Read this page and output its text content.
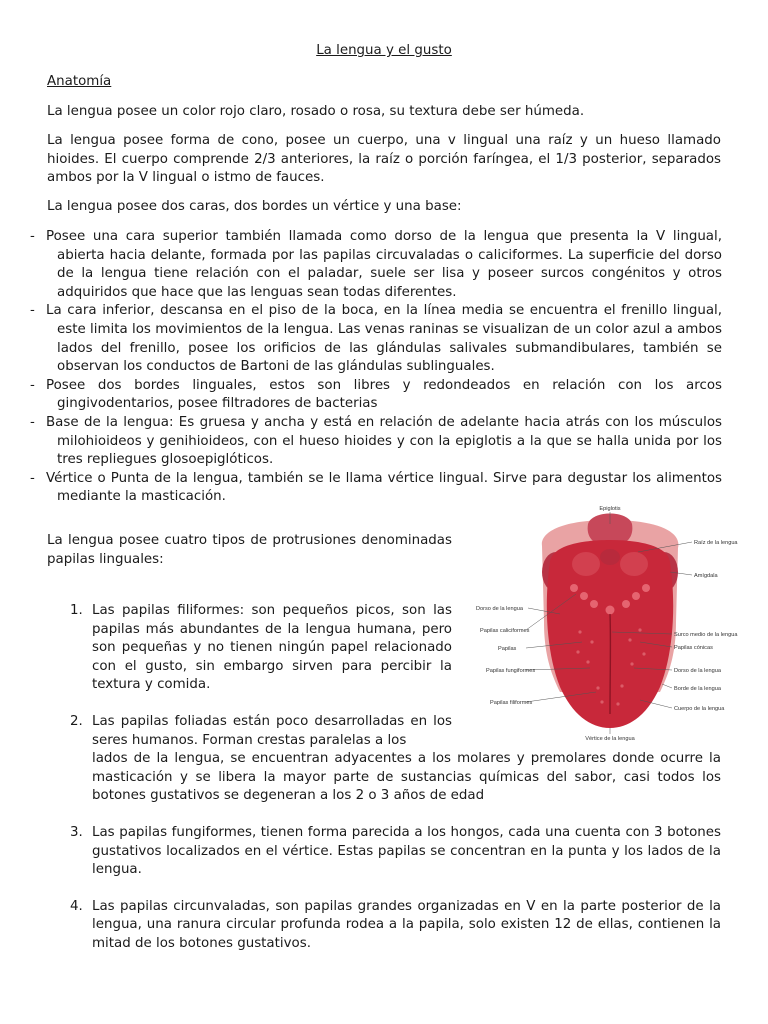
La lengua y el gusto
Anatomía
La lengua posee un color rojo claro, rosado o rosa, su textura debe ser húmeda.
La lengua posee forma de cono, posee un cuerpo, una v lingual una raíz y un hueso llamado hioides. El cuerpo comprende 2/3 anteriores, la raíz o porción faríngea, el 1/3 posterior, separados ambos por la V lingual o istmo de fauces.
La lengua posee dos caras, dos bordes un vértice y una base:
- Posee una cara superior también llamada como dorso de la lengua que presenta la V lingual, abierta hacia delante, formada por las papilas circuvaladas o caliciformes. La superficie del dorso de la lengua tiene relación con el paladar, suele ser lisa y poseer surcos congénitos y otros adquiridos que hace que las lenguas sean todas diferentes.
- La cara inferior, descansa en el piso de la boca, en la línea media se encuentra el frenillo lingual, este limita los movimientos de la lengua. Las venas raninas se visualizan de un color azul a ambos lados del frenillo, posee los orificios de las glándulas salivales submandibulares, también se observan los conductos de Bartoni de las glándulas sublinguales.
- Posee dos bordes linguales, estos son libres y redondeados en relación con los arcos gingivodentarios, posee filtradores de bacterias
- Base de la lengua: Es gruesa y ancha y está en relación de adelante hacia atrás con los músculos milohioideos y genihioideos, con el hueso hioides y con la epiglotis a la que se halla unida por los tres repliegues glosoepiglóticos.
- Vértice o Punta de la lengua, también se le llama vértice lingual. Sirve para degustar los alimentos mediante la masticación.
La lengua posee cuatro tipos de protrusiones denominadas papilas linguales:
1. Las papilas filiformes: son pequeños picos, son las papilas más abundantes de la lengua humana, pero son pequeñas y no tienen ningún papel relacionado con el gusto, sin embargo sirven para percibir la textura y comida.
2. Las papilas foliadas están poco desarrolladas en los seres humanos. Forman crestas paralelas a los
lados de la lengua, se encuentran adyacentes a los molares y premolares donde ocurre la masticación y se libera la mayor parte de sustancias químicas del sabor, casi todos los botones gustativos se degeneran a los 2 o 3 años de edad
3. Las papilas fungiformes, tienen forma parecida a los hongos, cada una cuenta con 3 botones gustativos localizados en el vértice. Estas papilas se concentran en la punta y los lados de la lengua.
4. Las papilas circunvaladas, son papilas grandes organizadas en V en la parte posterior de la lengua, una ranura circular profunda rodea a la papila, solo existen 12 de ellas, contienen la mitad de los botones gustativos.
Epiglotis
Raíz de la lengua
Amígdala
Dorso de la lengua
Papilas caliciformes
Surco medio de la lengua
Papilas cónicas
Papilas
Papilas fungiformes	Dorso de la lengua
Borde de la lengua
Papilas filiformes
Cuerpo de la lengua
Vértice de la lengua
